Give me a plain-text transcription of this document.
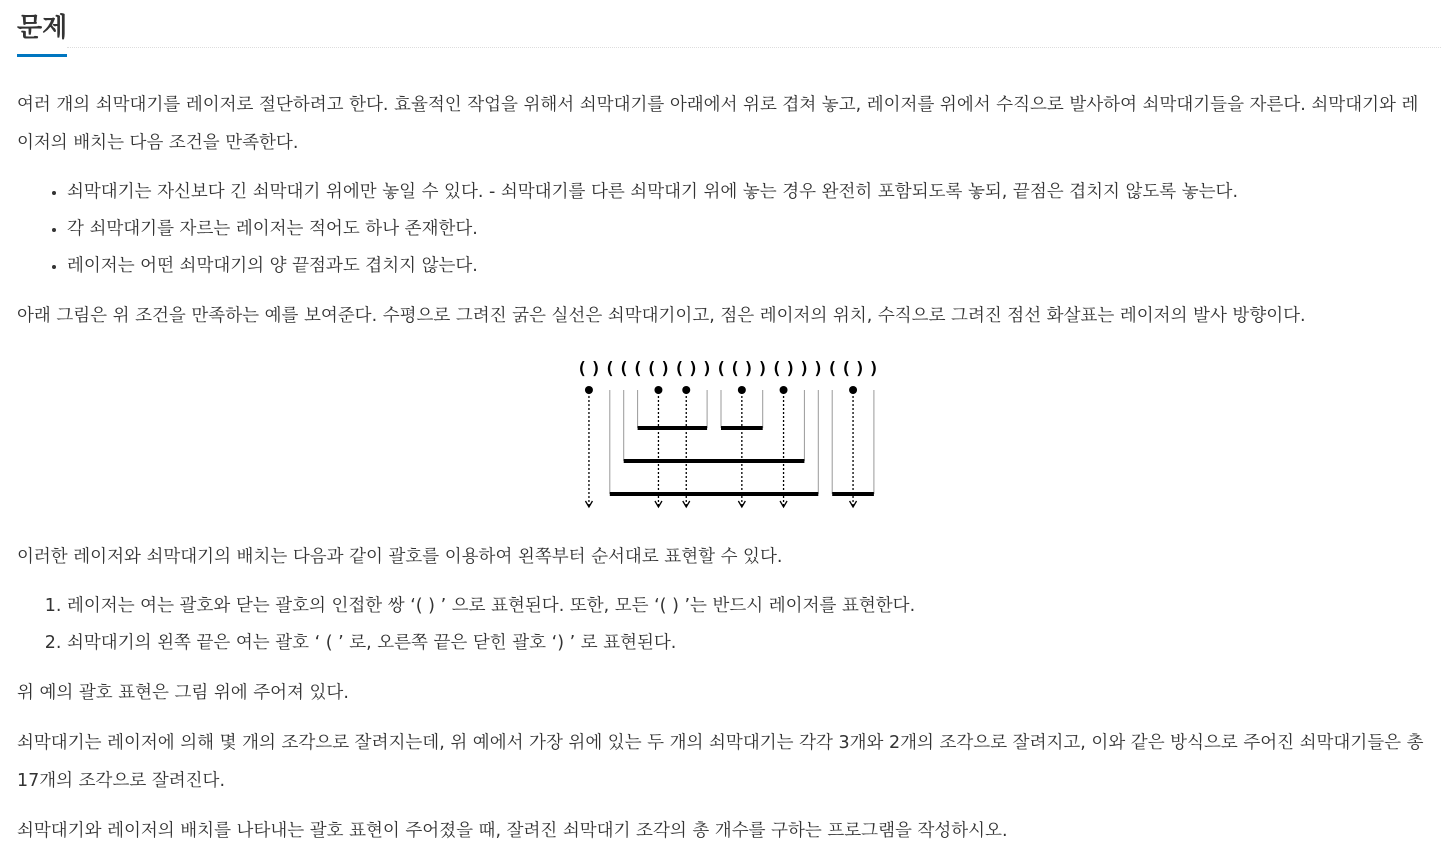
문제

여러 개의 쇠막대기를 레이저로 절단하려고 한다. 효율적인 작업을 위해서 쇠막대기를 아래에서 위로 겹쳐 놓고, 레이저를 위에서 수직으로 발사하여 쇠막대기들을 자른다. 쇠막대기와 레이저의 배치는 다음 조건을 만족한다.

• 쇠막대기는 자신보다 긴 쇠막대기 위에만 놓일 수 있다. - 쇠막대기를 다른 쇠막대기 위에 놓는 경우 완전히 포함되도록 놓되, 끝점은 겹치지 않도록 놓는다.
• 각 쇠막대기를 자르는 레이저는 적어도 하나 존재한다.
• 레이저는 어떤 쇠막대기의 양 끝점과도 겹치지 않는다.

아래 그림은 위 조건을 만족하는 예를 보여준다. 수평으로 그려진 굵은 실선은 쇠막대기이고, 점은 레이저의 위치, 수직으로 그려진 점선 화살표는 레이저의 발사 방향이다.

( ) ( ( ( ( ) ( ) ) ( ( ) ) ( ) ) ) ( ( ) )

이러한 레이저와 쇠막대기의 배치는 다음과 같이 괄호를 이용하여 왼쪽부터 순서대로 표현할 수 있다.

1. 레이저는 여는 괄호와 닫는 괄호의 인접한 쌍 ‘( ) ’ 으로 표현된다. 또한, 모든 ‘( ) ’는 반드시 레이저를 표현한다.
2. 쇠막대기의 왼쪽 끝은 여는 괄호 ‘ ( ’ 로, 오른쪽 끝은 닫힌 괄호 ‘) ’ 로 표현된다.

위 예의 괄호 표현은 그림 위에 주어져 있다.

쇠막대기는 레이저에 의해 몇 개의 조각으로 잘려지는데, 위 예에서 가장 위에 있는 두 개의 쇠막대기는 각각 3개와 2개의 조각으로 잘려지고, 이와 같은 방식으로 주어진 쇠막대기들은 총 17개의 조각으로 잘려진다.

쇠막대기와 레이저의 배치를 나타내는 괄호 표현이 주어졌을 때, 잘려진 쇠막대기 조각의 총 개수를 구하는 프로그램을 작성하시오.
